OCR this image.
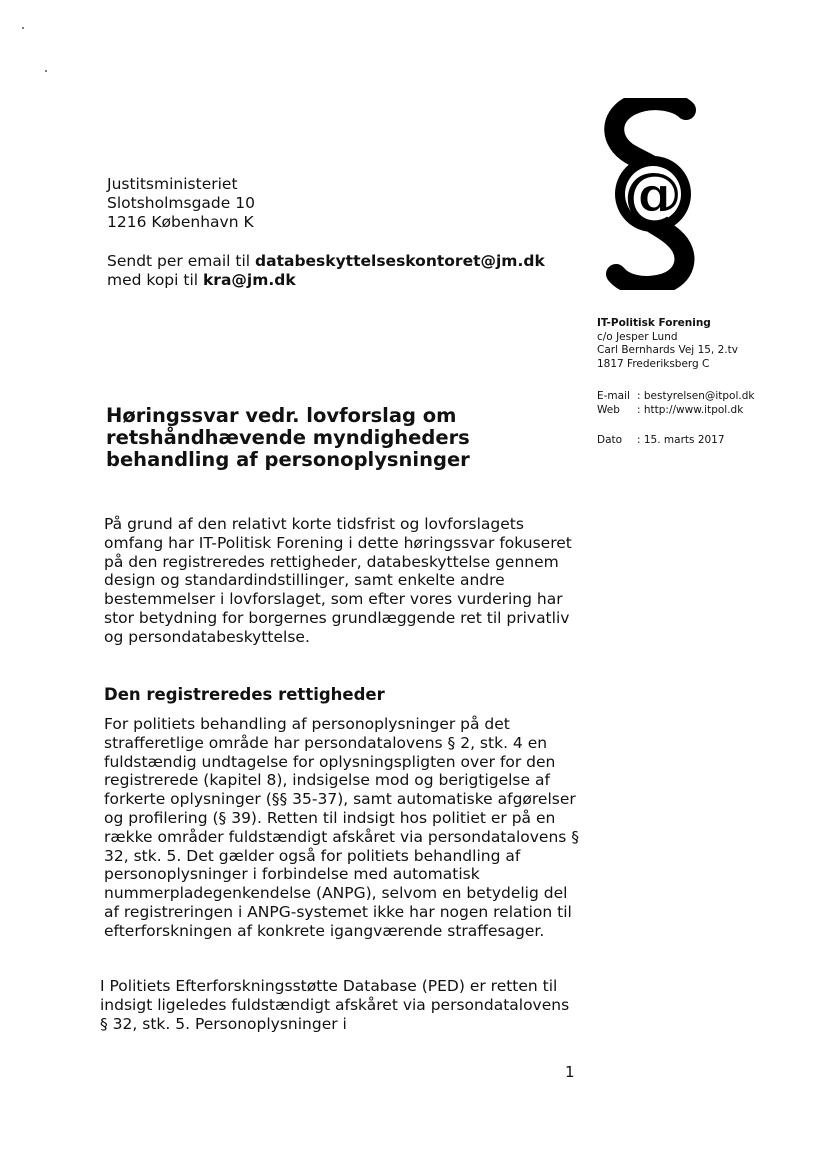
Justitsministeriet
Slotsholmsgade 10
1216 København K
Sendt per email til databeskyttelseskontoret@jm.dk
med kopi til kra@jm.dk
@
IT-Politisk Forening
c/o Jesper Lund
Carl Bernhards Vej 15, 2.tv
1817 Frederiksberg C
E-mail : bestyrelsen@itpol.dk
Web : http://www.itpol.dk
Dato : 15. marts 2017
Høringssvar vedr. lovforslag om retshåndhævende myndigheders behandling af personoplysninger

På grund af den relativt korte tidsfrist og lovforslagets omfang har IT-Politisk Forening i dette høringssvar fokuseret på den registreredes rettigheder, databeskyttelse gennem design og standardindstillinger, samt enkelte andre bestemmelser i lovforslaget, som efter vores vurdering har stor betydning for borgernes grundlæggende ret til privatliv og persondatabeskyttelse.

Den registreredes rettigheder

For politiets behandling af personoplysninger på det strafferetlige område har persondatalovens § 2, stk. 4 en fuldstændig undtagelse for oplysningspligten over for den registrerede (kapitel 8), indsigelse mod og berigtigelse af forkerte oplysninger (§§ 35-37), samt automatiske afgørelser og profilering (§ 39). Retten til indsigt hos politiet er på en række områder fuldstændigt afskåret via persondatalovens § 32, stk. 5. Det gælder også for politiets behandling af personoplysninger i forbindelse med automatisk nummerpladegenkendelse (ANPG), selvom en betydelig del af registreringen i ANPG-systemet ikke har nogen relation til efterforskningen af konkrete igangværende straffesager.

I Politiets Efterforskningsstøtte Database (PED) er retten til indsigt ligeledes fuldstændigt afskåret via persondatalovens § 32, stk. 5. Personoplysninger i

1
